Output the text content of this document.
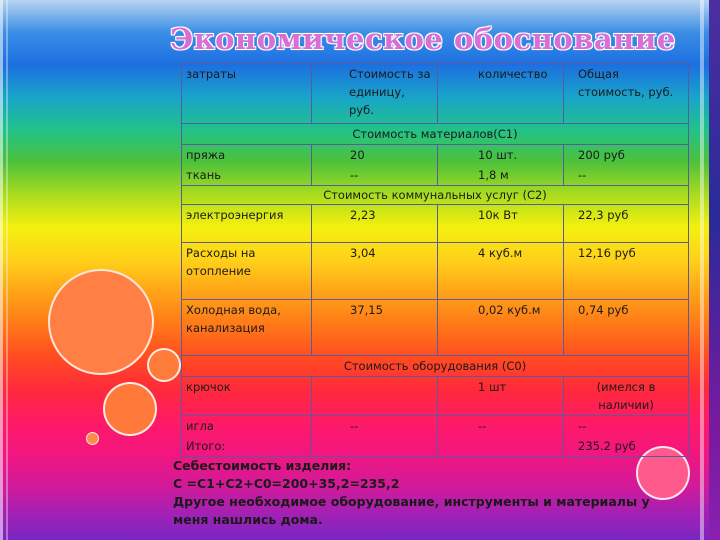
Экономическое обоснование
затраты	Стоимость за единицу, руб.	количество	Общая стоимость, руб.
Стоимость материалов(С1)			
пряжа	20	10 шт.	200 руб
ткань	--	1,8 м	--
Стоимость коммунальных услуг (С2)			
электроэнергия	2,23	10к Вт	22,3 руб
Расходы на отопление	3,04	4 куб.м	12,16 руб
Холодная вода, канализация	37,15	0,02 куб.м	0,74 руб
Стоимость оборудования (С0)			
крючок		1 шт	(имелся в наличии)
игла	--	--	--
Итого:			235.2 руб
Себестоимость изделия:
С =С1+С2+С0=200+35,2=235,2
Другое необходимое оборудование, инструменты и материалы у
меня нашлись дома.
